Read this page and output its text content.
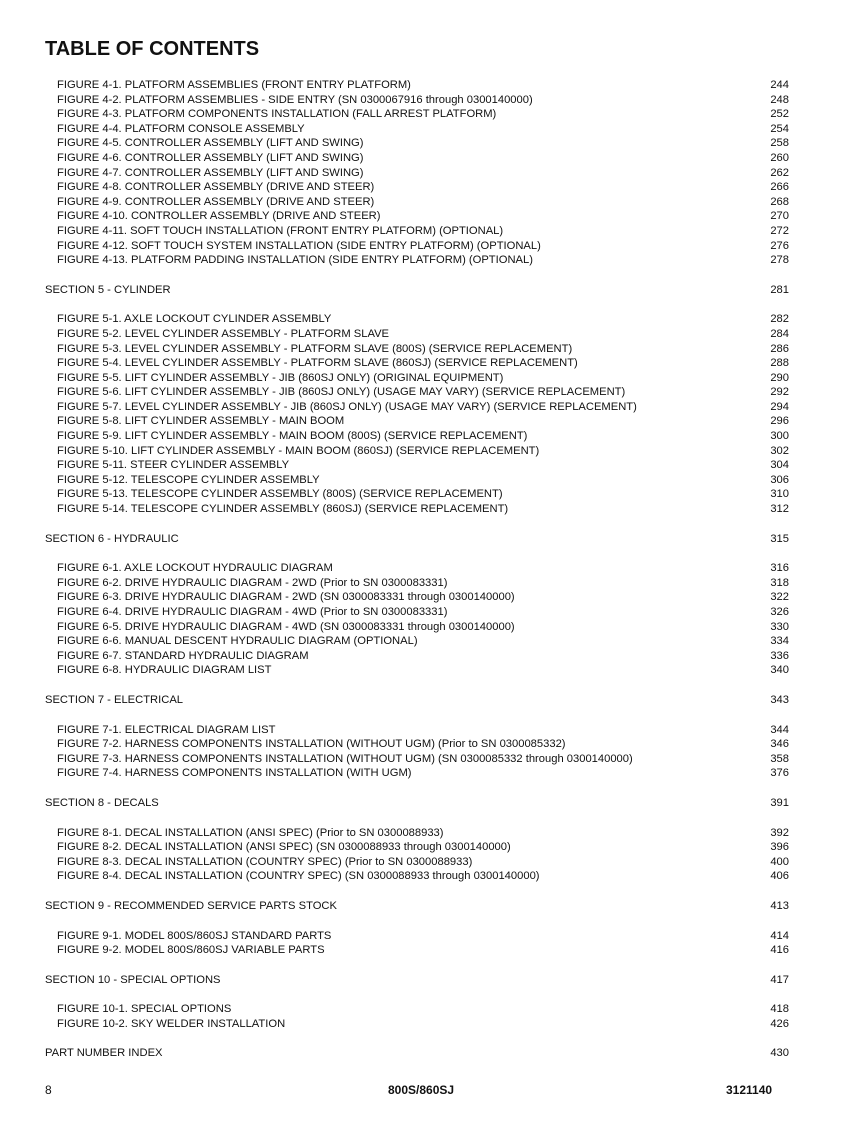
TABLE OF CONTENTS
FIGURE 4-1. PLATFORM ASSEMBLIES (FRONT ENTRY PLATFORM)	244
FIGURE 4-2. PLATFORM ASSEMBLIES - SIDE ENTRY (SN 0300067916 through 0300140000)	248
FIGURE 4-3. PLATFORM COMPONENTS INSTALLATION (FALL ARREST PLATFORM)	252
FIGURE 4-4. PLATFORM CONSOLE ASSEMBLY	254
FIGURE 4-5. CONTROLLER ASSEMBLY (LIFT AND SWING)	258
FIGURE 4-6. CONTROLLER ASSEMBLY (LIFT AND SWING)	260
FIGURE 4-7. CONTROLLER ASSEMBLY (LIFT AND SWING)	262
FIGURE 4-8. CONTROLLER ASSEMBLY (DRIVE AND STEER)	266
FIGURE 4-9. CONTROLLER ASSEMBLY (DRIVE AND STEER)	268
FIGURE 4-10. CONTROLLER ASSEMBLY (DRIVE AND STEER)	270
FIGURE 4-11. SOFT TOUCH INSTALLATION (FRONT ENTRY PLATFORM) (OPTIONAL)	272
FIGURE 4-12. SOFT TOUCH SYSTEM INSTALLATION (SIDE ENTRY PLATFORM) (OPTIONAL)	276
FIGURE 4-13. PLATFORM PADDING INSTALLATION (SIDE ENTRY PLATFORM) (OPTIONAL)	278
SECTION 5 - CYLINDER	281
FIGURE 5-1. AXLE LOCKOUT CYLINDER ASSEMBLY	282
FIGURE 5-2. LEVEL CYLINDER ASSEMBLY - PLATFORM SLAVE	284
FIGURE 5-3. LEVEL CYLINDER ASSEMBLY - PLATFORM SLAVE (800S) (SERVICE REPLACEMENT)	286
FIGURE 5-4. LEVEL CYLINDER ASSEMBLY - PLATFORM SLAVE (860SJ) (SERVICE REPLACEMENT)	288
FIGURE 5-5. LIFT CYLINDER ASSEMBLY - JIB (860SJ ONLY) (ORIGINAL EQUIPMENT)	290
FIGURE 5-6. LIFT CYLINDER ASSEMBLY - JIB (860SJ ONLY) (USAGE MAY VARY) (SERVICE REPLACEMENT)	292
FIGURE 5-7. LEVEL CYLINDER ASSEMBLY - JIB (860SJ ONLY) (USAGE MAY VARY) (SERVICE REPLACEMENT)	294
FIGURE 5-8. LIFT CYLINDER ASSEMBLY - MAIN BOOM	296
FIGURE 5-9. LIFT CYLINDER ASSEMBLY - MAIN BOOM (800S) (SERVICE REPLACEMENT)	300
FIGURE 5-10. LIFT CYLINDER ASSEMBLY - MAIN BOOM (860SJ) (SERVICE REPLACEMENT)	302
FIGURE 5-11. STEER CYLINDER ASSEMBLY	304
FIGURE 5-12. TELESCOPE CYLINDER ASSEMBLY	306
FIGURE 5-13. TELESCOPE CYLINDER ASSEMBLY (800S) (SERVICE REPLACEMENT)	310
FIGURE 5-14. TELESCOPE CYLINDER ASSEMBLY (860SJ) (SERVICE REPLACEMENT)	312
SECTION 6 - HYDRAULIC	315
FIGURE 6-1. AXLE LOCKOUT HYDRAULIC DIAGRAM	316
FIGURE 6-2. DRIVE HYDRAULIC DIAGRAM - 2WD (Prior to SN 0300083331)	318
FIGURE 6-3. DRIVE HYDRAULIC DIAGRAM - 2WD (SN 0300083331 through 0300140000)	322
FIGURE 6-4. DRIVE HYDRAULIC DIAGRAM - 4WD (Prior to SN 0300083331)	326
FIGURE 6-5. DRIVE HYDRAULIC DIAGRAM - 4WD (SN 0300083331 through 0300140000)	330
FIGURE 6-6. MANUAL DESCENT HYDRAULIC DIAGRAM (OPTIONAL)	334
FIGURE 6-7. STANDARD HYDRAULIC DIAGRAM	336
FIGURE 6-8. HYDRAULIC DIAGRAM LIST	340
SECTION 7 - ELECTRICAL	343
FIGURE 7-1. ELECTRICAL DIAGRAM LIST	344
FIGURE 7-2. HARNESS COMPONENTS INSTALLATION (WITHOUT UGM) (Prior to SN 0300085332)	346
FIGURE 7-3. HARNESS COMPONENTS INSTALLATION (WITHOUT UGM) (SN 0300085332 through 0300140000)	358
FIGURE 7-4. HARNESS COMPONENTS INSTALLATION (WITH UGM)	376
SECTION 8 - DECALS	391
FIGURE 8-1. DECAL INSTALLATION (ANSI SPEC) (Prior to SN 0300088933)	392
FIGURE 8-2. DECAL INSTALLATION (ANSI SPEC) (SN 0300088933 through 0300140000)	396
FIGURE 8-3. DECAL INSTALLATION (COUNTRY SPEC) (Prior to SN 0300088933)	400
FIGURE 8-4. DECAL INSTALLATION (COUNTRY SPEC) (SN 0300088933 through 0300140000)	406
SECTION 9 - RECOMMENDED SERVICE PARTS STOCK	413
FIGURE 9-1. MODEL 800S/860SJ STANDARD PARTS	414
FIGURE 9-2. MODEL 800S/860SJ VARIABLE PARTS	416
SECTION 10 - SPECIAL OPTIONS	417
FIGURE 10-1. SPECIAL OPTIONS	418
FIGURE 10-2. SKY WELDER INSTALLATION	426
PART NUMBER INDEX	430
8	800S/860SJ	3121140
